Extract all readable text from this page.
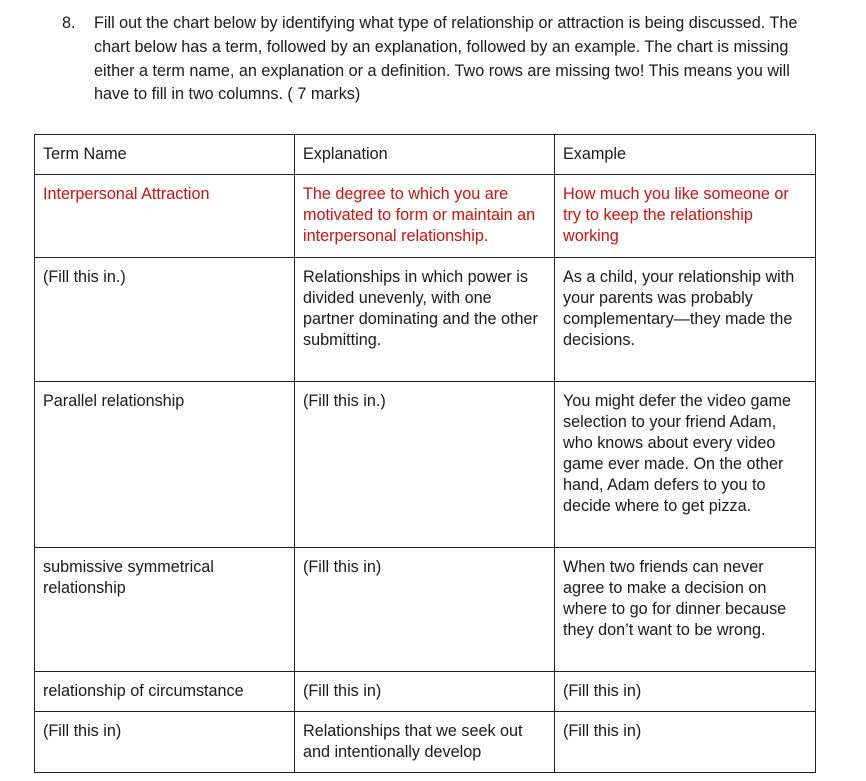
8.	Fill out the chart below by identifying what type of relationship or attraction is being discussed. The chart below has a term, followed by an explanation, followed by an example. The chart is missing either a term name, an explanation or a definition. Two rows are missing two! This means you will have to fill in two columns. ( 7 marks)
Term Name	Explanation	Example
Interpersonal Attraction	The degree to which you are motivated to form or maintain an interpersonal relationship.	How much you like someone or try to keep the relationship working
(Fill this in.)	Relationships in which power is divided unevenly, with one partner dominating and the other submitting.	As a child, your relationship with your parents was probably complementary—they made the decisions.
Parallel relationship	(Fill this in.)	You might defer the video game selection to your friend Adam, who knows about every video game ever made. On the other hand, Adam defers to you to decide where to get pizza.
submissive symmetrical relationship	(Fill this in)	When two friends can never agree to make a decision on where to go for dinner because they don’t want to be wrong.
relationship of circumstance	(Fill this in)	(Fill this in)
(Fill this in)	Relationships that we seek out and intentionally develop	(Fill this in)
